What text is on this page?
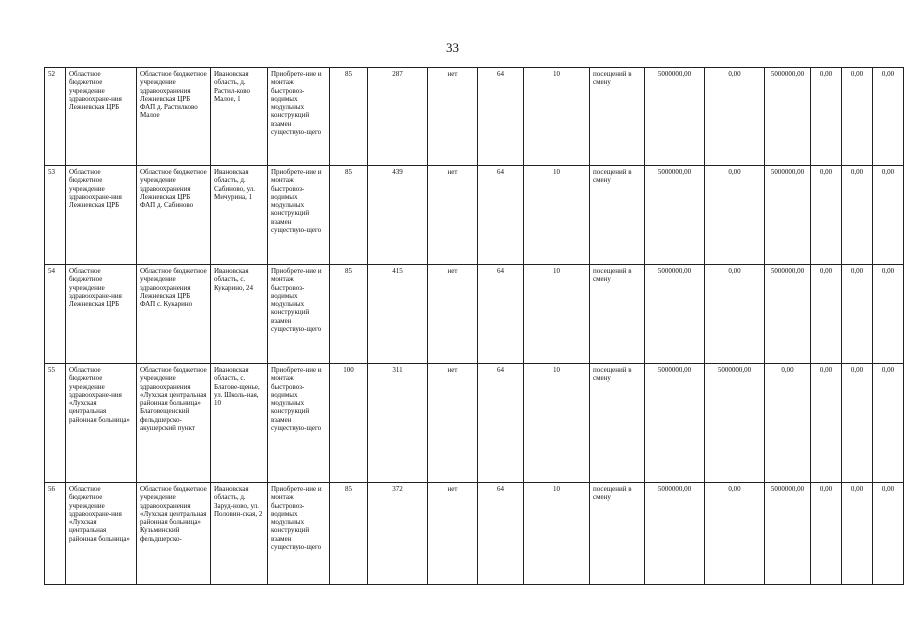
33
52	Областное бюджетное учреждение здравоохране-ния Лежневская ЦРБ	Областное бюджетное учреждение здравоохранения Лежневская ЦРБ ФАП д. Растилково Малое	Ивановская область, д. Растил-ково Малое, 1	Приобрете-ние и монтаж быстровоз-водимых модульных конструкций взамен существую-щего	85	287	нет	64	10	посещений в смену	5000000,00	0,00	5000000,00	0,00	0,00	0,00
53	Областное бюджетное учреждение здравоохране-ния Лежневская ЦРБ	Областное бюджетное учреждение здравоохранения Лежневская ЦРБ ФАП д. Сабиново	Ивановская область, д. Сабиново, ул. Мичурина, 1	Приобрете-ние и монтаж быстровоз-водимых модульных конструкций взамен существую-щего	85	439	нет	64	10	посещений в смену	5000000,00	0,00	5000000,00	0,00	0,00	0,00
54	Областное бюджетное учреждение здравоохране-ния Лежневская ЦРБ	Областное бюджетное учреждение здравоохранения Лежневская ЦРБ ФАП с. Кукарино	Ивановская область, с. Кукарино, 24	Приобрете-ние и монтаж быстровоз-водимых модульных конструкций взамен существую-щего	85	415	нет	64	10	посещений в смену	5000000,00	0,00	5000000,00	0,00	0,00	0,00
55	Областное бюджетное учреждение здравоохране-ния «Лухская центральная районная больница»	Областное бюджетное учреждение здравоохранения «Лухская центральная районная больница» Благовещенский фельдшерско-акушерский пункт	Ивановская область, с. Благове-щенье, ул. Школь-ная, 10	Приобрете-ние и монтаж быстровоз-водимых модульных конструкций взамен существую-щего	100	311	нет	64	10	посещений в смену	5000000,00	5000000,00	0,00	0,00	0,00	0,00
56	Областное бюджетное учреждение здравоохране-ния «Лухская центральная районная больница»	Областное бюджетное учреждение здравоохранения «Лухская центральная районная больница» Кузьминский фельдшерско-	Ивановская область, д. Заруд-ново, ул. Половин-ская, 2	Приобрете-ние и монтаж быстровоз-водимых модульных конструкций взамен существую-щего	85	372	нет	64	10	посещений в смену	5000000,00	0,00	5000000,00	0,00	0,00	0,00
